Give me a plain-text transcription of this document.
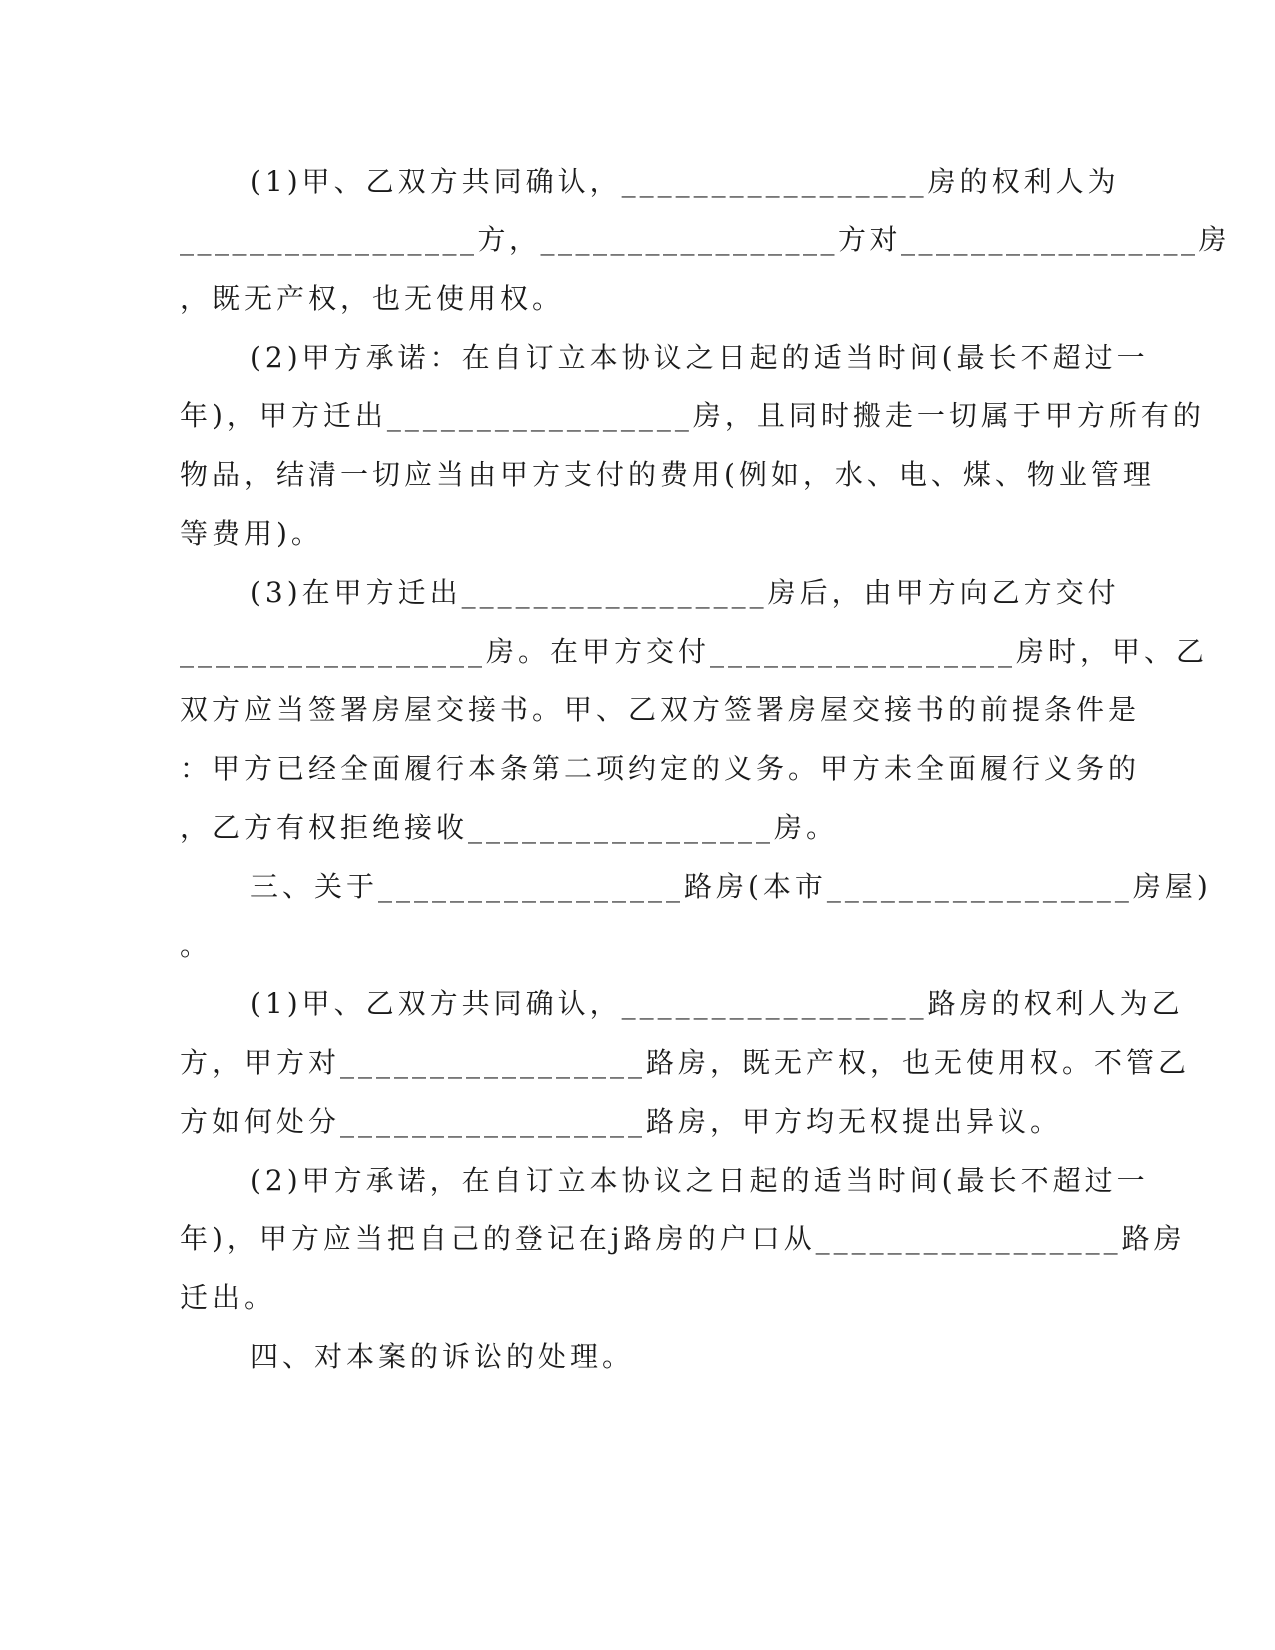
(1)甲、乙双方共同确认，_________________房的权利人为
_________________方，_________________方对_________________房
，既无产权，也无使用权。
(2)甲方承诺：在自订立本协议之日起的适当时间(最长不超过一
年)，甲方迁出_________________房，且同时搬走一切属于甲方所有的
物品，结清一切应当由甲方支付的费用(例如，水、电、煤、物业管理
等费用)。
(3)在甲方迁出_________________房后，由甲方向乙方交付
_________________房。在甲方交付_________________房时，甲、乙
双方应当签署房屋交接书。甲、乙双方签署房屋交接书的前提条件是
：甲方已经全面履行本条第二项约定的义务。甲方未全面履行义务的
，乙方有权拒绝接收_________________房。
三、关于_________________路房(本市_________________房屋)
。
(1)甲、乙双方共同确认，_________________路房的权利人为乙
方，甲方对_________________路房，既无产权，也无使用权。不管乙
方如何处分_________________路房，甲方均无权提出异议。
(2)甲方承诺，在自订立本协议之日起的适当时间(最长不超过一
年)，甲方应当把自己的登记在j路房的户口从_________________路房
迁出。
四、对本案的诉讼的处理。
